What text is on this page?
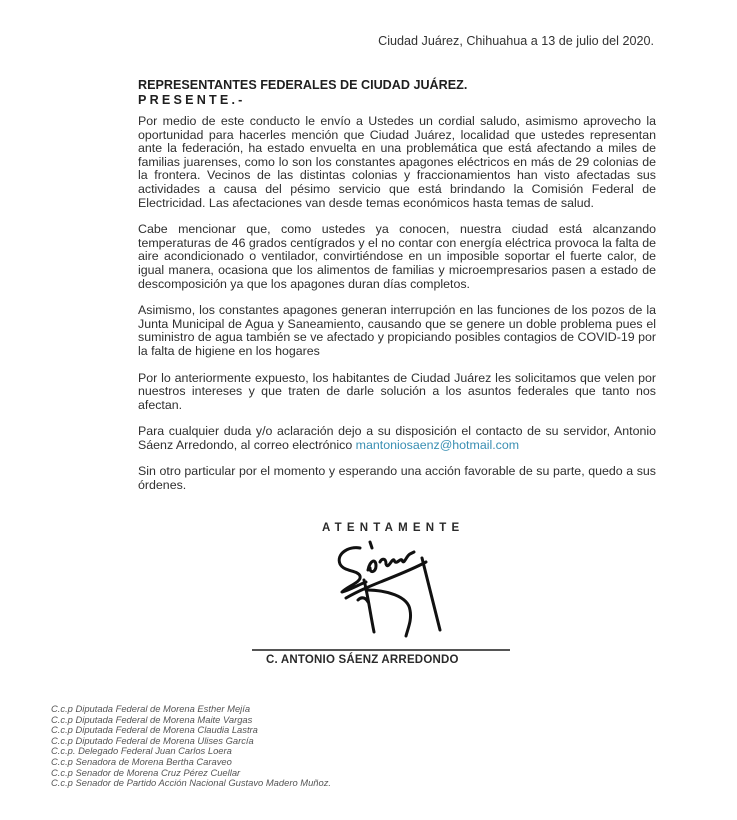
Ciudad Juárez, Chihuahua a 13 de julio del 2020.
REPRESENTANTES FEDERALES DE CIUDAD JUÁREZ.
PRESENTE.-

Por medio de este conducto le envío a Ustedes un cordial saludo, asimismo aprovecho la oportunidad para hacerles mención que Ciudad Juárez, localidad que ustedes representan ante la federación, ha estado envuelta en una problemática que está afectando a miles de familias juarenses, como lo son los constantes apagones eléctricos en más de 29 colonias de la frontera. Vecinos de las distintas colonias y fraccionamientos han visto afectadas sus actividades a causa del pésimo servicio que está brindando la Comisión Federal de Electricidad. Las afectaciones van desde temas económicos hasta temas de salud.

Cabe mencionar que, como ustedes ya conocen, nuestra ciudad está alcanzando temperaturas de 46 grados centígrados y el no contar con energía eléctrica provoca la falta de aire acondicionado o ventilador, convirtiéndose en un imposible soportar el fuerte calor, de igual manera, ocasiona que los alimentos de familias y microempresarios pasen a estado de descomposición ya que los apagones duran días completos.

Asimismo, los constantes apagones generan interrupción en las funciones de los pozos de la Junta Municipal de Agua y Saneamiento, causando que se genere un doble problema pues el suministro de agua también se ve afectado y propiciando posibles contagios de COVID-19 por la falta de higiene en los hogares

Por lo anteriormente expuesto, los habitantes de Ciudad Juárez les solicitamos que velen por nuestros intereses y que traten de darle solución a los asuntos federales que tanto nos afectan.

Para cualquier duda y/o aclaración dejo a su disposición el contacto de su servidor, Antonio Sáenz Arredondo, al correo electrónico mantoniosaenz@hotmail.com

Sin otro particular por el momento y esperando una acción favorable de su parte, quedo a sus órdenes.

ATENTAMENTE
C. ANTONIO SÁENZ ARREDONDO
C.c.p Diputada Federal de Morena Esther Mejía
C.c.p Diputada Federal de Morena Maite Vargas
C.c.p Diputada Federal de Morena Claudia Lastra
C.c.p Diputado Federal de Morena Ulises García
C.c.p. Delegado Federal Juan Carlos Loera
C.c.p Senadora de Morena Bertha Caraveo
C.c.p Senador de Morena Cruz Pérez Cuellar
C.c.p Senador de Partido Acción Nacional Gustavo Madero Muñoz.
